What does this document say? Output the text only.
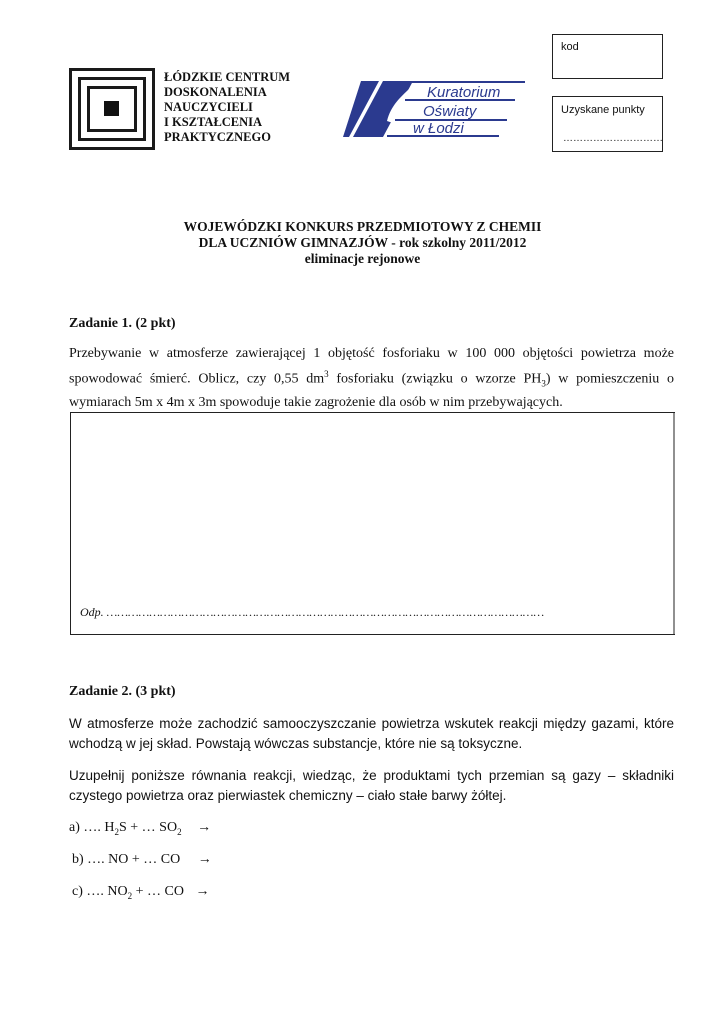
kod
Uzyskane punkty
…………………………
ŁÓDZKIE CENTRUM
DOSKONALENIA
NAUCZYCIELI
I KSZTAŁCENIA
PRAKTYCZNEGO
Kuratorium
Oświaty
w Łodzi
WOJEWÓDZKI KONKURS PRZEDMIOTOWY Z CHEMII
DLA UCZNIÓW GIMNAZJÓW - rok szkolny 2011/2012
eliminacje rejonowe
Zadanie 1. (2 pkt)
Przebywanie w atmosferze zawierającej 1 objętość fosforiaku w 100 000 objętości powietrza może spowodować śmierć. Oblicz, czy 0,55 $dm^3$ fosforiaku (związku o wzorze $PH_3$) w pomieszczeniu o wymiarach 5m x 4m x 3m spowoduje takie zagrożenie dla osób w nim przebywających.
Odp. ……………………………………………………………………………………………………………
Zadanie 2. (3 pkt)
W atmosferze może zachodzić samooczyszczanie powietrza wskutek reakcji między gazami, które wchodzą w jej skład. Powstają wówczas substancje, które nie są toksyczne.
Uzupełnij poniższe równania reakcji, wiedząc, że produktami tych przemian są gazy – składniki czystego powietrza oraz pierwiastek chemiczny – ciało stałe barwy żółtej.
a) …. $H_2S$ + … $SO_2$ →
b) …. NO + … CO →
c) …. $NO_2$ + … CO →
